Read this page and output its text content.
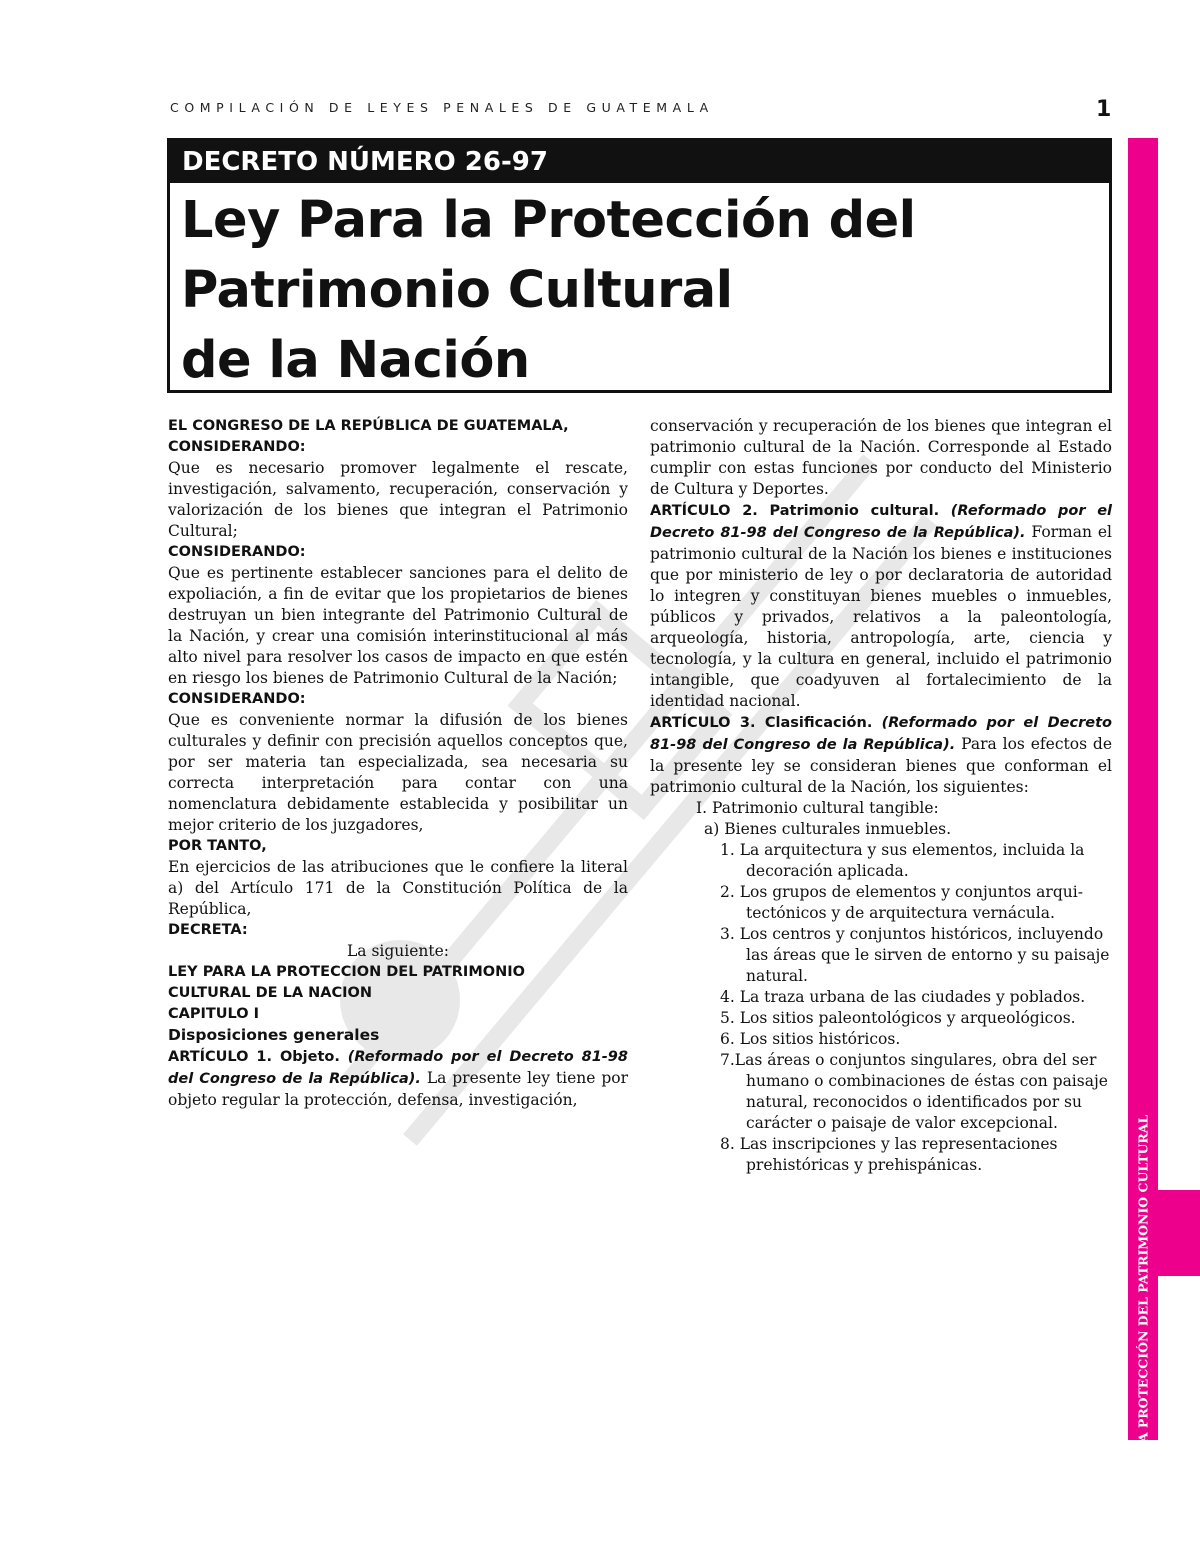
COMPILACIÓN DE LEYES PENALES DE GUATEMALA	1
LEY PARA LA PROTECCIÓN DEL PATRIMONIO CULTURAL
DECRETO NÚMERO 26-97
Ley Para la Protección del
Patrimonio Cultural
de la Nación

EL CONGRESO DE LA REPÚBLICA DE GUATEMALA,

CONSIDERANDO:

Que es necesario promover legalmente el rescate, investigación, salvamento, recuperación, conservación y valorización de los bienes que integran el Patrimonio Cultural;

CONSIDERANDO:

Que es pertinente establecer sanciones para el delito de expoliación, a fin de evitar que los propietarios de bienes destruyan un bien integrante del Patrimonio Cultural de la Nación, y crear una comisión interinstitucional al más alto nivel para resolver los casos de impacto en que estén en riesgo los bienes de Patrimonio Cultural de la Nación;

CONSIDERANDO:

Que es conveniente normar la difusión de los bienes culturales y definir con precisión aquellos conceptos que, por ser materia tan especializada, sea necesaria su correcta interpretación para contar con una nomenclatura debidamente establecida y posibilitar un mejor criterio de los juzgadores,

POR TANTO,

En ejercicios de las atribuciones que le confiere la literal a) del Artículo 171 de la Constitución Política de la República,

DECRETA:

La siguiente:

LEY PARA LA PROTECCION DEL PATRIMONIO

CULTURAL DE LA NACION

CAPITULO I

Disposiciones generales

ARTÍCULO 1. Objeto. (Reformado por el Decreto 81-98 del Congreso de la República). La presente ley tiene por objeto regular la protección, defensa, investigación,

conservación y recuperación de los bienes que integran el patrimonio cultural de la Nación. Corresponde al Estado cumplir con estas funciones por conducto del Ministerio de Cultura y Deportes.

ARTÍCULO 2. Patrimonio cultural. (Reformado por el Decreto 81-98 del Congreso de la República). Forman el patrimonio cultural de la Nación los bienes e instituciones que por ministerio de ley o por declaratoria de autoridad lo integren y constituyan bienes muebles o inmuebles, públicos y privados, relativos a la paleontología, arqueología, historia, antropología, arte, ciencia y tecnología, y la cultura en general, incluido el patrimonio intangible, que coadyuven al fortalecimiento de la identidad nacional.

ARTÍCULO 3. Clasificación. (Reformado por el Decreto 81-98 del Congreso de la República). Para los efectos de la presente ley se consideran bienes que conforman el patrimonio cultural de la Nación, los siguientes:

I. Patrimonio cultural tangible:

a) Bienes culturales inmuebles.

1. La arquitectura y sus elementos, incluida la decoración aplicada.

2. Los grupos de elementos y conjuntos arquitectónicos y de arquitectura vernácula.

3. Los centros y conjuntos históricos, incluyendo las áreas que le sirven de entorno y su paisaje natural.

4. La traza urbana de las ciudades y poblados.

5. Los sitios paleontológicos y arqueológicos.

6. Los sitios históricos.

7.Las áreas o conjuntos singulares, obra del ser humano o combinaciones de éstas con paisaje natural, reconocidos o identificados por su carácter o paisaje de valor excepcional.

8. Las inscripciones y las representaciones prehistóricas y prehispánicas.
